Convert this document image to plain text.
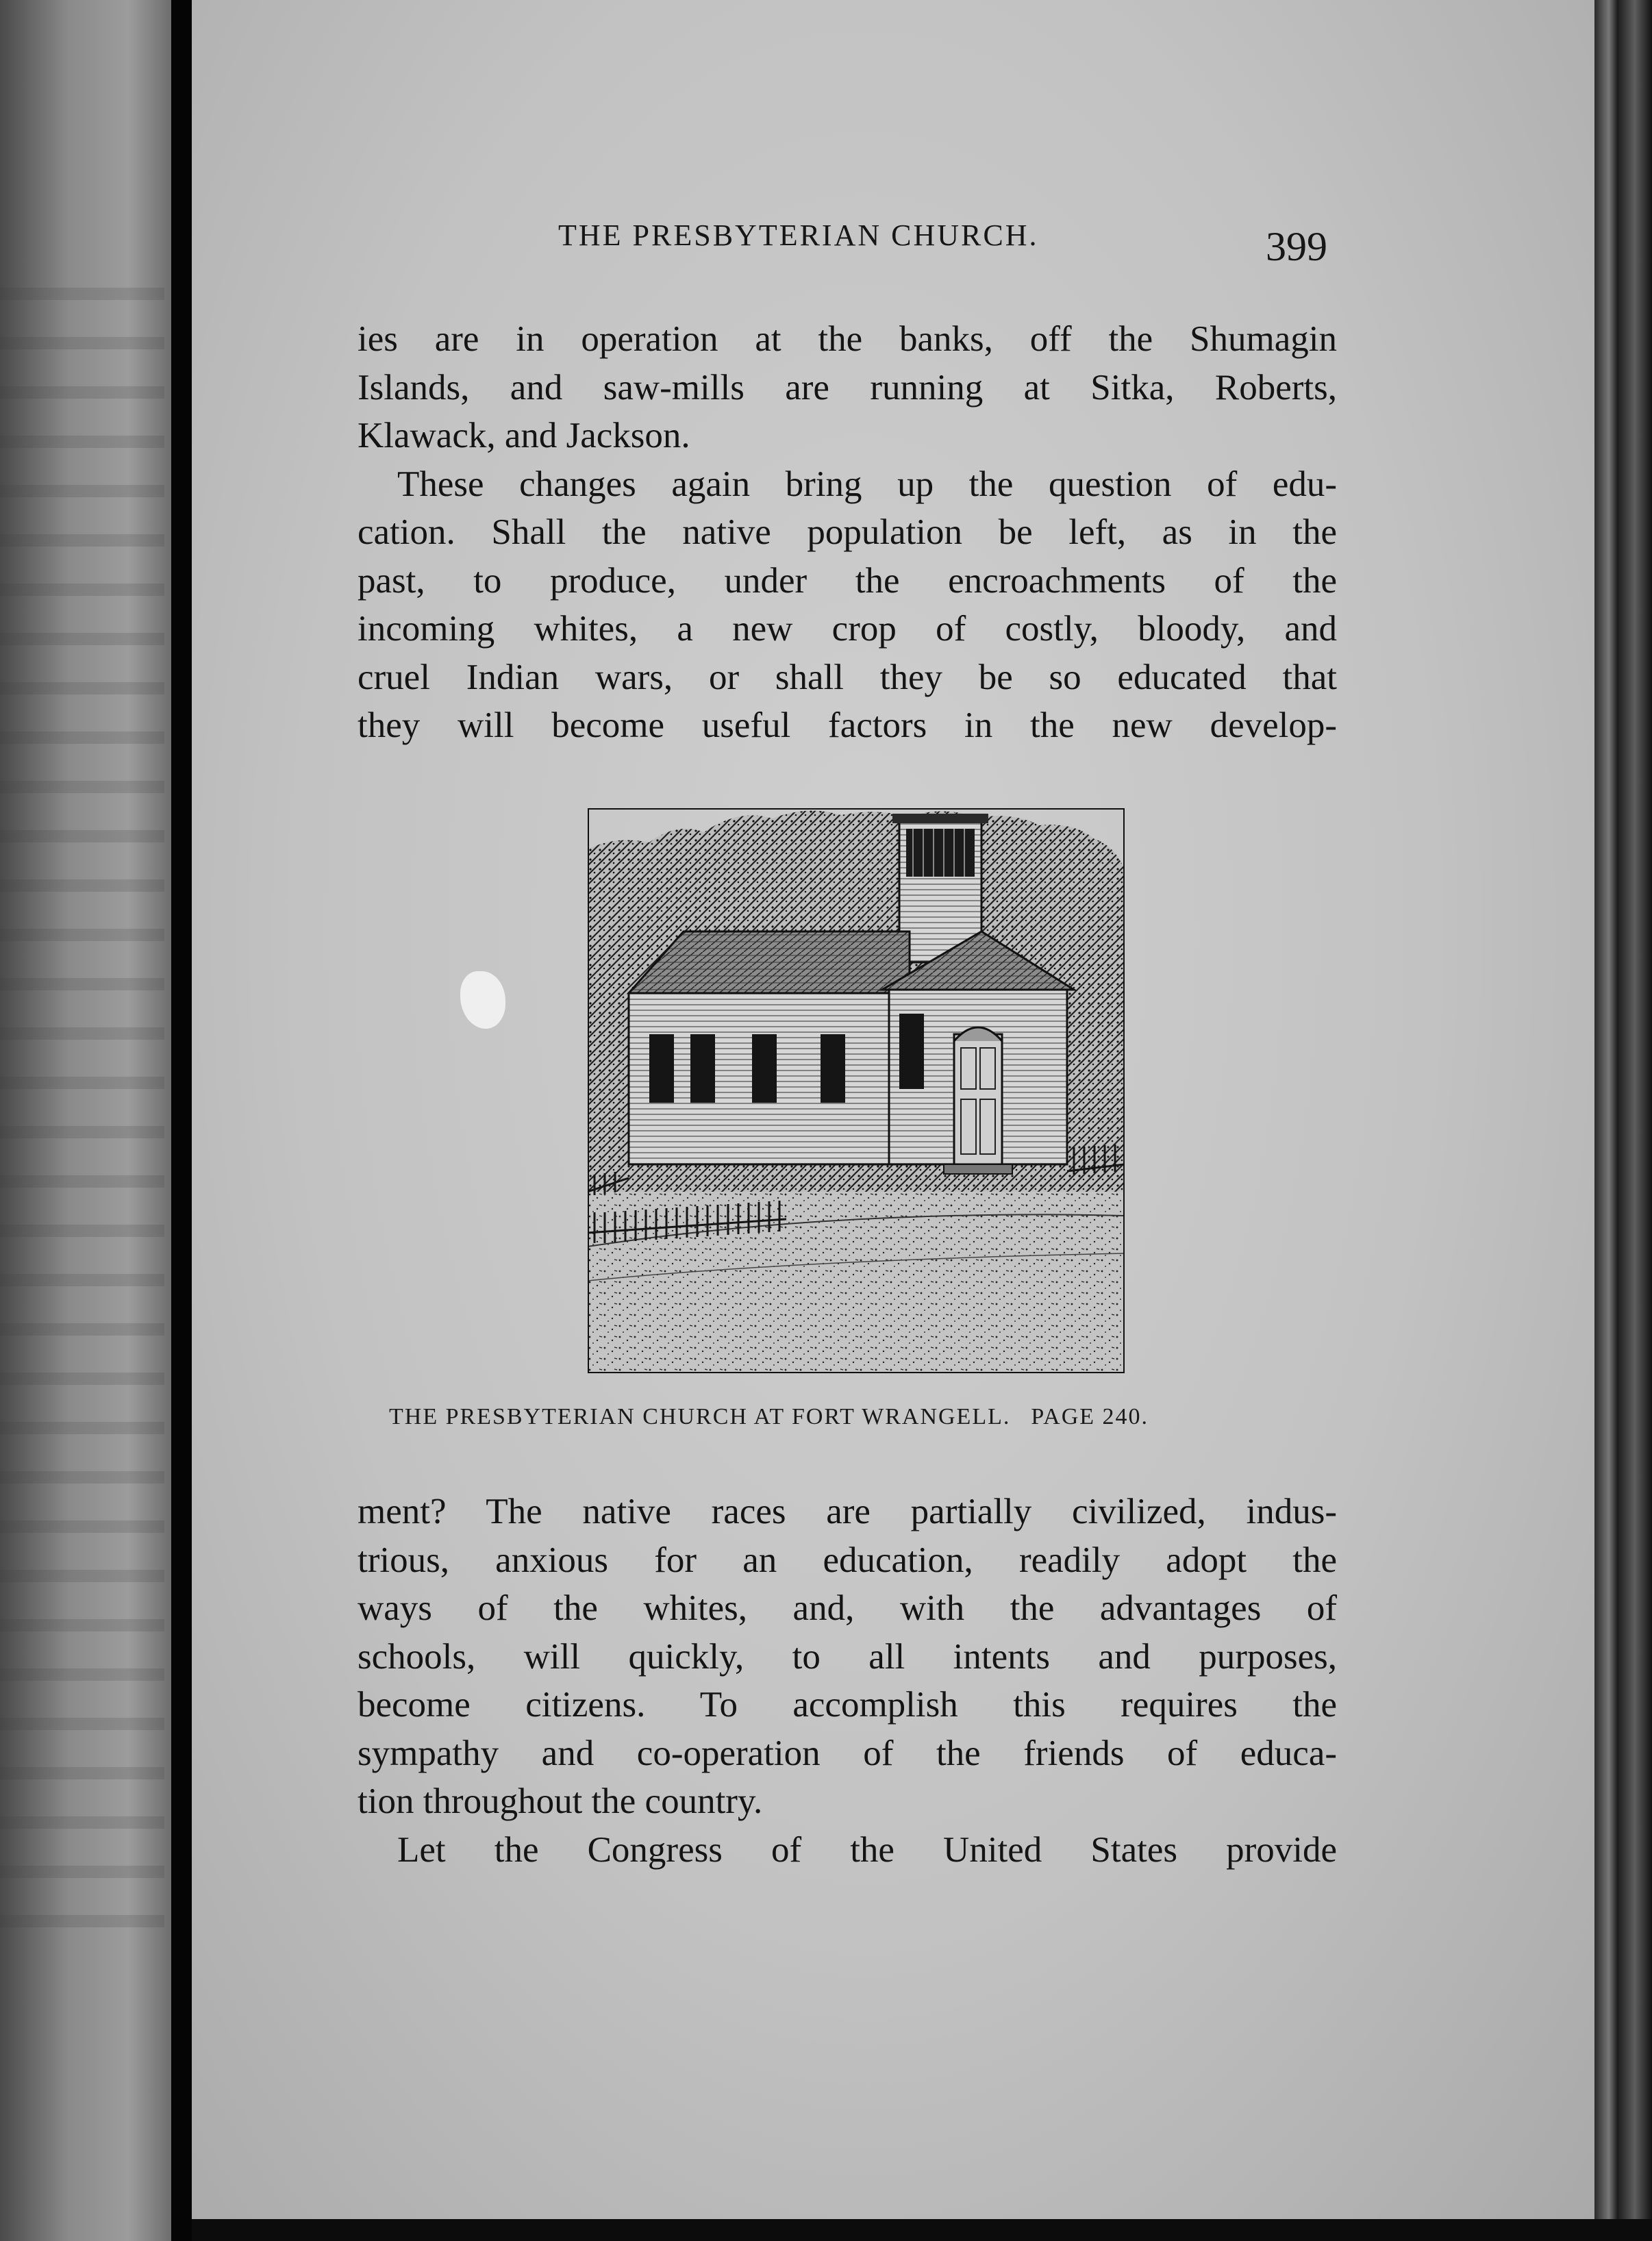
THE PRESBYTERIAN CHURCH.	399
ies are in operation at the banks, off the Shumagin
Islands, and saw-mills are running at Sitka, Roberts,
Klawack, and Jackson.
These changes again bring up the question of edu-
cation. Shall the native population be left, as in the
past, to produce, under the encroachments of the
incoming whites, a new crop of costly, bloody, and
cruel Indian wars, or shall they be so educated that
they will become useful factors in the new develop-
THE PRESBYTERIAN CHURCH AT FORT WRANGELL. PAGE 240.
ment? The native races are partially civilized, indus-
trious, anxious for an education, readily adopt the
ways of the whites, and, with the advantages of
schools, will quickly, to all intents and purposes,
become citizens. To accomplish this requires the
sympathy and co-operation of the friends of educa-
tion throughout the country.
Let the Congress of the United States provide
